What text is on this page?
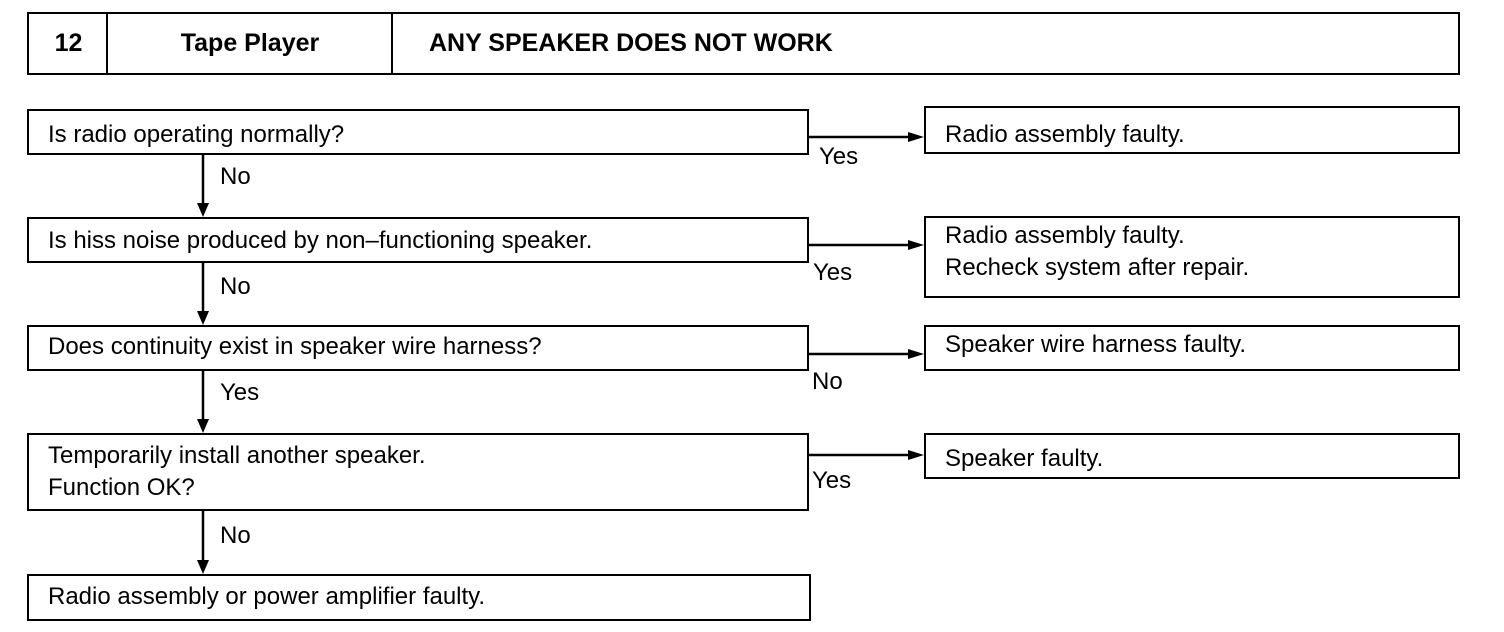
12	Tape Player	ANY SPEAKER DOES NOT WORK
Is radio operating normally?
Is hiss noise produced by non–functioning speaker.
Does continuity exist in speaker wire harness?
Temporarily install another speaker.
Function OK?
Radio assembly or power amplifier faulty.
Radio assembly faulty.
Radio assembly faulty.
Recheck system after repair.
Speaker wire harness faulty.
Speaker faulty.
No
No
Yes
No
Yes
Yes
No
Yes
